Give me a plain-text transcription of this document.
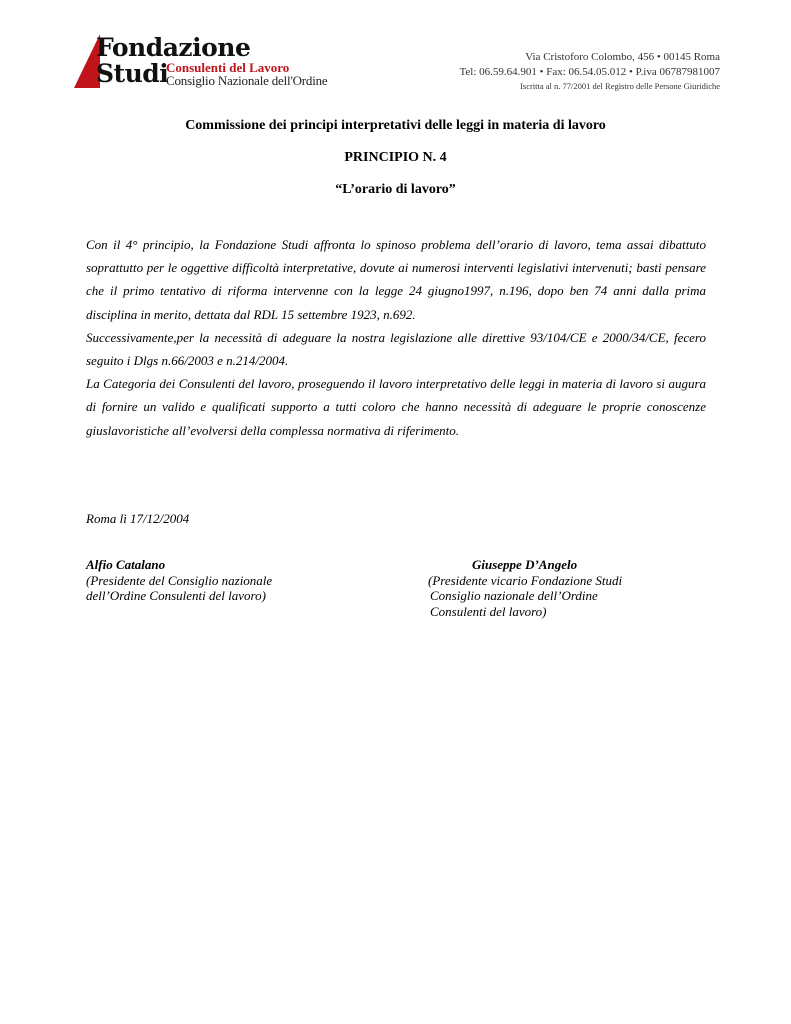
Fondazione
Studi
Consulenti del Lavoro
Consiglio Nazionale dell'Ordine
Via Cristoforo Colombo, 456 • 00145 Roma
Tel: 06.59.64.901 • Fax: 06.54.05.012 • P.iva 06787981007
Iscritta al n. 77/2001 del Registro delle Persone Giuridiche
Commissione dei principi interpretativi delle leggi in materia di lavoro
PRINCIPIO N. 4
“L’orario di lavoro”

Con il 4° principio, la Fondazione Studi affronta lo spinoso problema dell’orario di lavoro, tema assai dibattuto soprattutto per le oggettive difficoltà interpretative, dovute ai numerosi interventi legislativi intervenuti; basti pensare che il primo tentativo di riforma intervenne con la legge 24 giugno1997, n.196, dopo ben 74 anni dalla prima disciplina in merito, dettata dal RDL 15 settembre 1923, n.692.

Successivamente,per la necessità di adeguare la nostra legislazione alle direttive 93/104/CE e 2000/34/CE, fecero seguito i Dlgs n.66/2003 e n.214/2004.

La Categoria dei Consulenti del lavoro, proseguendo il lavoro interpretativo delle leggi in materia di lavoro si augura di fornire un valido e qualificati supporto a tutti coloro che hanno necessità di adeguare le proprie conoscenze giuslavoristiche all’evolversi della complessa normativa di riferimento.

Roma lì 17/12/2004
Alfio Catalano
(Presidente del Consiglio nazionale
dell’Ordine Consulenti del lavoro)
Giuseppe D’Angelo
(Presidente vicario Fondazione Studi
Consiglio nazionale dell’Ordine
Consulenti del lavoro)
